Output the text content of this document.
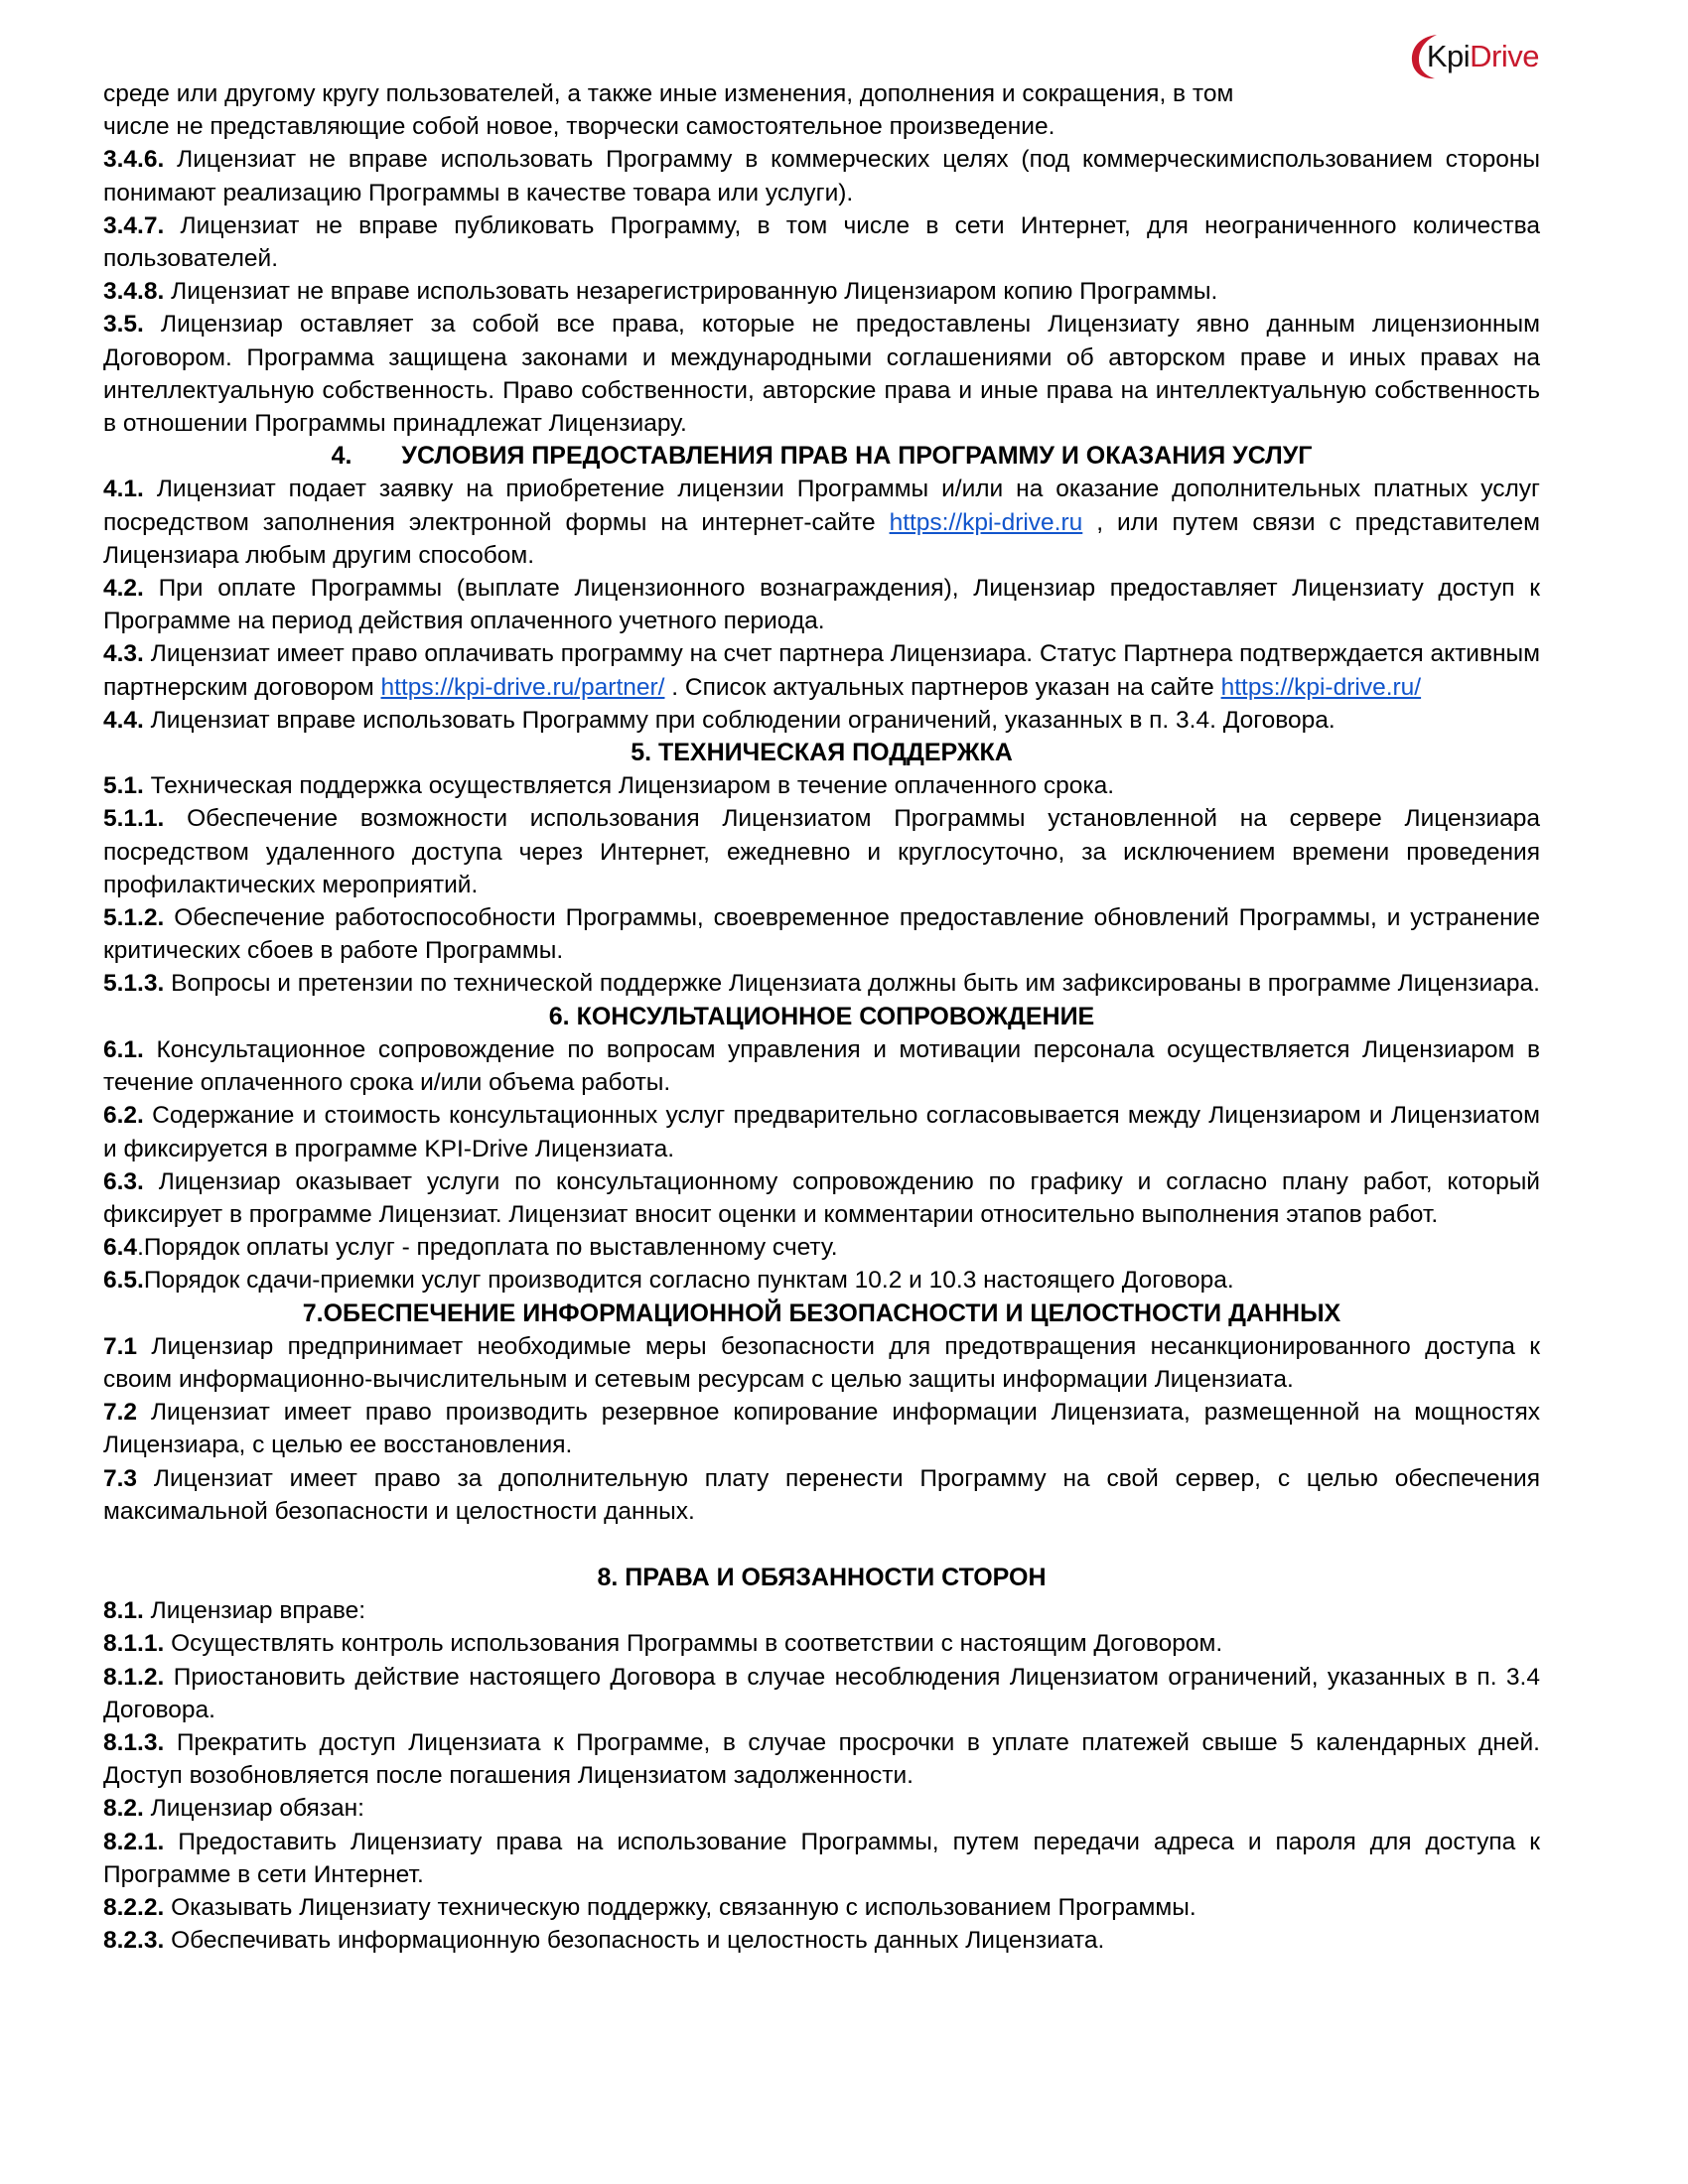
KpiDrive

среде или другому кругу пользователей, а также иные изменения, дополнения и сокращения, в том
числе не представляющие собой новое, творчески самостоятельное произведение.

3.4.6. Лицензиат не вправе использовать Программу в коммерческих целях (под коммерческимиспользованием стороны понимают реализацию Программы в качестве товара или услуги).

3.4.7. Лицензиат не вправе публиковать Программу, в том числе в сети Интернет, для неограниченного количества пользователей.

3.4.8. Лицензиат не вправе использовать незарегистрированную Лицензиаром копию Программы.

3.5. Лицензиар оставляет за собой все права, которые не предоставлены Лицензиату явно данным лицензионным Договором. Программа защищена законами и международными соглашениями об авторском праве и иных правах на интеллектуальную собственность. Право собственности, авторские права и иные права на интеллектуальную собственность в отношении Программы принадлежат Лицензиару.

4. УСЛОВИЯ ПРЕДОСТАВЛЕНИЯ ПРАВ НА ПРОГРАММУ И ОКАЗАНИЯ УСЛУГ

4.1. Лицензиат подает заявку на приобретение лицензии Программы и/или на оказание дополнительных платных услуг посредством заполнения электронной формы на интернет-сайте https://kpi-drive.ru , или путем связи с представителем Лицензиара любым другим способом.

4.2. При оплате Программы (выплате Лицензионного вознаграждения), Лицензиар предоставляет Лицензиату доступ к Программе на период действия оплаченного учетного периода.

4.3. Лицензиат имеет право оплачивать программу на счет партнера Лицензиара. Статус Партнера подтверждается активным партнерским договором https://kpi-drive.ru/partner/ . Список актуальных партнеров указан на сайте https://kpi-drive.ru/

4.4. Лицензиат вправе использовать Программу при соблюдении ограничений, указанных в п. 3.4. Договора.

5. ТЕХНИЧЕСКАЯ ПОДДЕРЖКА

5.1. Техническая поддержка осуществляется Лицензиаром в течение оплаченного срока.

5.1.1. Обеспечение возможности использования Лицензиатом Программы установленной на сервере Лицензиара посредством удаленного доступа через Интернет, ежедневно и круглосуточно, за исключением времени проведения профилактических мероприятий.

5.1.2. Обеспечение работоспособности Программы, своевременное предоставление обновлений Программы, и устранение критических сбоев в работе Программы.

5.1.3. Вопросы и претензии по технической поддержке Лицензиата должны быть им зафиксированы в программе Лицензиара.

6. КОНСУЛЬТАЦИОННОЕ СОПРОВОЖДЕНИЕ

6.1. Консультационное сопровождение по вопросам управления и мотивации персонала осуществляется Лицензиаром в течение оплаченного срока и/или объема работы.

6.2. Содержание и стоимость консультационных услуг предварительно согласовывается между Лицензиаром и Лицензиатом и фиксируется в программе KPI-Drive Лицензиата.

6.3. Лицензиар оказывает услуги по консультационному сопровождению по графику и согласно плану работ, который фиксирует в программе Лицензиат. Лицензиат вносит оценки и комментарии относительно выполнения этапов работ.

6.4.Порядок оплаты услуг - предоплата по выставленному счету.

6.5.Порядок сдачи-приемки услуг производится согласно пунктам 10.2 и 10.3 настоящего Договора.

7.ОБЕСПЕЧЕНИЕ ИНФОРМАЦИОННОЙ БЕЗОПАСНОСТИ И ЦЕЛОСТНОСТИ ДАННЫХ

7.1 Лицензиар предпринимает необходимые меры безопасности для предотвращения несанкционированного доступа к своим информационно-вычислительным и сетевым ресурсам с целью защиты информации Лицензиата.

7.2 Лицензиат имеет право производить резервное копирование информации Лицензиата, размещенной на мощностях Лицензиара, с целью ее восстановления.

7.3 Лицензиат имеет право за дополнительную плату перенести Программу на свой сервер, с целью обеспечения максимальной безопасности и целостности данных.

8. ПРАВА И ОБЯЗАННОСТИ СТОРОН

8.1. Лицензиар вправе:

8.1.1. Осуществлять контроль использования Программы в соответствии с настоящим Договором.

8.1.2. Приостановить действие настоящего Договора в случае несоблюдения Лицензиатом ограничений, указанных в п. 3.4 Договора.

8.1.3. Прекратить доступ Лицензиата к Программе, в случае просрочки в уплате платежей свыше 5 календарных дней. Доступ возобновляется после погашения Лицензиатом задолженности.

8.2. Лицензиар обязан:

8.2.1. Предоставить Лицензиату права на использование Программы, путем передачи адреса и пароля для доступа к Программе в сети Интернет.

8.2.2. Оказывать Лицензиату техническую поддержку, связанную с использованием Программы.

8.2.3. Обеспечивать информационную безопасность и целостность данных Лицензиата.
